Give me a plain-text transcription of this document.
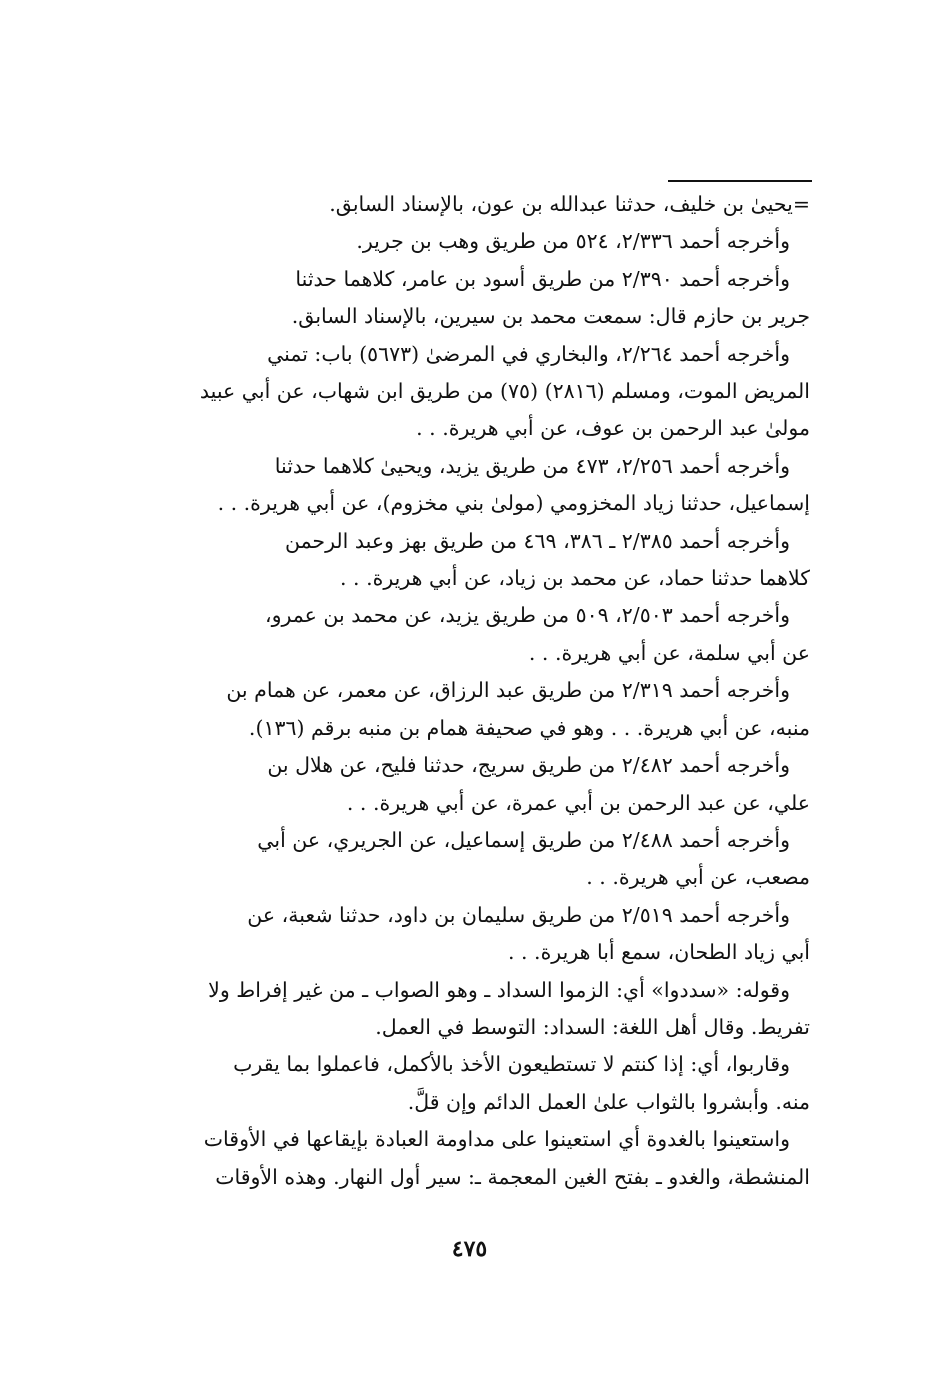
=يحيىٰ بن خليف، حدثنا عبدالله بن عون، بالإسناد السابق.
وأخرجه أحمد ٢/٣٣٦، ٥٢٤ من طريق وهب بن جرير.
وأخرجه أحمد ٢/٣٩٠ من طريق أسود بن عامر، كلاهما حدثنا
جرير بن حازم قال: سمعت محمد بن سيرين، بالإسناد السابق.
وأخرجه أحمد ٢/٢٦٤، والبخاري في المرضىٰ (٥٦٧٣) باب: تمني
المريض الموت، ومسلم (٢٨١٦) (٧٥) من طريق ابن شهاب، عن أبي عبيد
مولىٰ عبد الرحمن بن عوف، عن أبي هريرة. . .
وأخرجه أحمد ٢/٢٥٦، ٤٧٣ من طريق يزيد، ويحيىٰ كلاهما حدثنا
إسماعيل، حدثنا زياد المخزومي (مولىٰ بني مخزوم)، عن أبي هريرة. . .
وأخرجه أحمد ٢/٣٨٥ ـ ٣٨٦، ٤٦٩ من طريق بهز وعبد الرحمن
كلاهما حدثنا حماد، عن محمد بن زياد، عن أبي هريرة. . .
وأخرجه أحمد ٢/٥٠٣، ٥٠٩ من طريق يزيد، عن محمد بن عمرو،
عن أبي سلمة، عن أبي هريرة. . .
وأخرجه أحمد ٢/٣١٩ من طريق عبد الرزاق، عن معمر، عن همام بن
منبه، عن أبي هريرة. . . وهو في صحيفة همام بن منبه برقم (١٣٦).
وأخرجه أحمد ٢/٤٨٢ من طريق سريج، حدثنا فليح، عن هلال بن
علي، عن عبد الرحمن بن أبي عمرة، عن أبي هريرة. . .
وأخرجه أحمد ٢/٤٨٨ من طريق إسماعيل، عن الجريري، عن أبي
مصعب، عن أبي هريرة. . .
وأخرجه أحمد ٢/٥١٩ من طريق سليمان بن داود، حدثنا شعبة، عن
أبي زياد الطحان، سمع أبا هريرة. . .
وقوله: «سددوا» أي: الزموا السداد ـ وهو الصواب ـ من غير إفراط ولا
تفريط. وقال أهل اللغة: السداد: التوسط في العمل.
وقاربوا، أي: إذا كنتم لا تستطيعون الأخذ بالأكمل، فاعملوا بما يقرب
منه. وأبشروا بالثواب علىٰ العمل الدائم وإن قلَّ.
واستعينوا بالغدوة أي استعينوا على مداومة العبادة بإيقاعها في الأوقات
المنشطة، والغدو ـ بفتح الغين المعجمة ـ: سير أول النهار. وهذه الأوقات
٤٧٥
